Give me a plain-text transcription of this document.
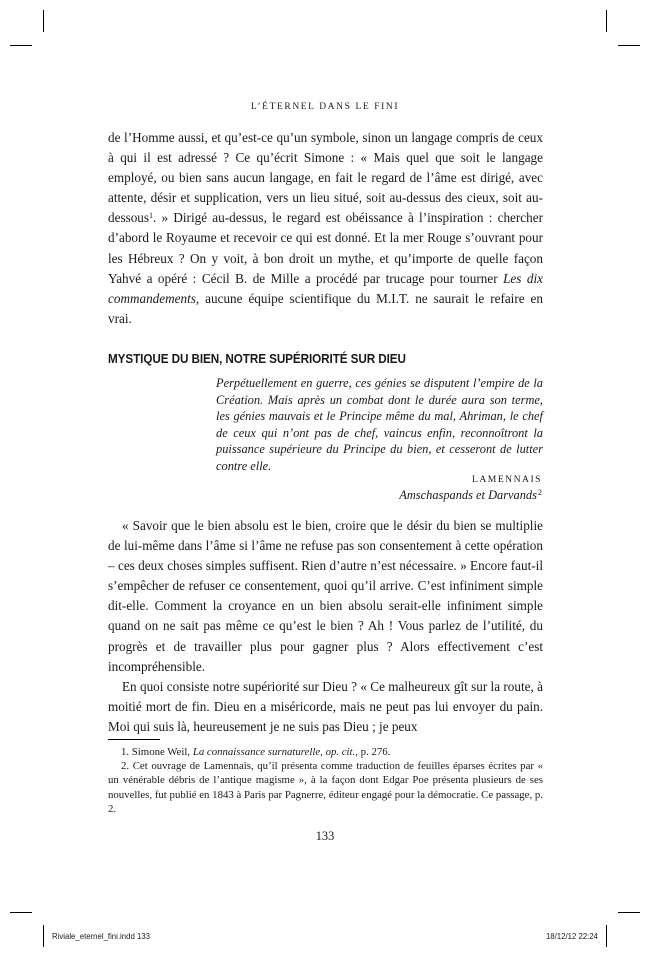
L’ÉTERNEL DANS LE FINI

de l’Homme aussi, et qu’est-ce qu’un symbole, sinon un langage compris de ceux à qui il est adressé ? Ce qu’écrit Simone : « Mais quel que soit le langage employé, ou bien sans aucun langage, en fait le regard de l’âme est dirigé, avec attente, désir et supplication, vers un lieu situé, soit au-dessus des cieux, soit au-dessous$^1$. » Dirigé au-dessus, le regard est obéissance à l’inspiration : chercher d’abord le Royaume et recevoir ce qui est donné. Et la mer Rouge s’ouvrant pour les Hébreux ? On y voit, à bon droit un mythe, et qu’importe de quelle façon Yahvé a opéré : Cécil B. de Mille a procédé par trucage pour tourner Les dix commandements, aucune équipe scientifique du M.I.T. ne saurait le refaire en vrai.

MYSTIQUE DU BIEN, NOTRE SUPÉRIORITÉ SUR DIEU
Perpétuellement en guerre, ces génies se disputent l’empire de la Création. Mais après un combat dont le durée aura son terme, les génies mauvais et le Principe même du mal, Ahriman, le chef de ceux qui n’ont pas de chef, vaincus enfin, reconnoîtront la puissance supérieure du Principe du bien, et cesseront de lutter contre elle.
LAMENNAIS
Amschaspands et Darvands $^2$

« Savoir que le bien absolu est le bien, croire que le désir du bien se multiplie de lui-même dans l’âme si l’âme ne refuse pas son consentement à cette opération – ces deux choses simples suffisent. Rien d’autre n’est nécessaire. » Encore faut-il s’empêcher de refuser ce consentement, quoi qu’il arrive. C’est infiniment simple dit-elle. Comment la croyance en un bien absolu serait-elle infiniment simple quand on ne sait pas même ce qu’est le bien ? Ah ! Vous parlez de l’utilité, du progrès et de travailler plus pour gagner plus ? Alors effectivement c’est incompréhensible.

En quoi consiste notre supériorité sur Dieu ? « Ce malheureux gît sur la route, à moitié mort de fin. Dieu en a miséricorde, mais ne peut pas lui envoyer du pain. Moi qui suis là, heureusement je ne suis pas Dieu ; je peux

1. Simone Weil, La connaissance surnaturelle, op. cit., p. 276.

2. Cet ouvrage de Lamennais, qu’il présenta comme traduction de feuilles éparses écrites par « un vénérable débris de l’antique magisme », à la façon dont Edgar Poe présenta plusieurs de ses nouvelles, fut publié en 1843 à Paris par Pagnerre, éditeur engagé pour la démocratie. Ce passage, p. 2.

133
Riviale_eternel_fini.indd 133	18/12/12 22:24
